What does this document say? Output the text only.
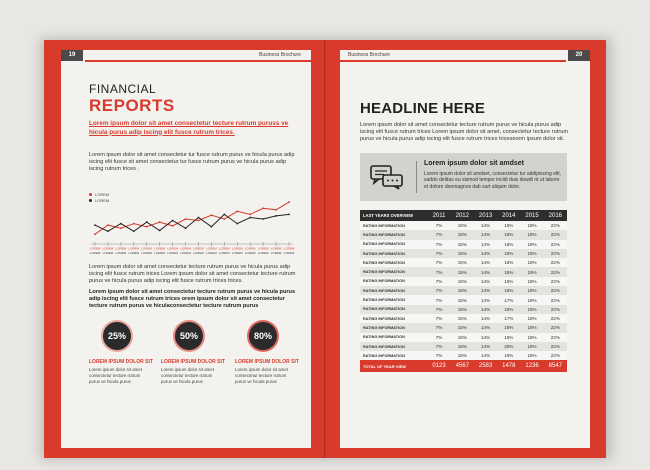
19	Business Brochure
FINANCIAL
REPORTS
Lorem ipsum dolor sit amet consectetur tecture rutrum puruss ve hicula purus adip iscing elit fusce rutrum trices.
Lorem ipsum dolor sit amet consectetur tur fusce rutrum purus ve hicula purus adip iscing elit fusce sit amet consectetur tur fusce rutrum purus ve hicula purus adip iscing rutrum trices .
LOREM
LOREM
LOREM
LOREM
LOREM
LOREM
LOREM
LOREM
LOREM
LOREM
LOREM
LOREM
LOREM
LOREM
LOREM
LOREM
LOREM
LOREM
LOREM
LOREM
LOREM
LOREM
LOREM
LOREM
LOREM
LOREM
LOREM
LOREM
LOREM
LOREM
LOREM
LOREM
LOREM
LOREM
Lorem ipsum dolor sit amet consectetur tecture rutrum purus ve hicula purus adip iscing elit fusce rutrum trices Lorem ipsum dolor sit amet consectetur tecture rutrum purus ve hicula purus adip iscing elit fusce rutrum trices trices.
Lorem ipsum dolor sit amet consectetur tecture rutrum purus ve hicula purus adip iscing elit fusce rutrum trices orem ipsum dolor sit amet consectetur tecture rutrum purus ve hiculaconsectetur tecture rutrum purus
25%	50%	80%
LOREM IPSUM DOLOR SIT LOREM IPSUM DOLOR SIT LOREM IPSUM DOLOR SIT
Lorem ipsum dolor sit amet consectetur tecture rutrum purus ve hicula purus
Lorem ipsum dolor sit amet consectetur tecture rutrum purus ve hicula purus
Lorem ipsum dolor sit amet consectetur tecture rutrum purus ve hicula purus
Business Brochure	20
HEADLINE HERE
Lorem ipsum dolor sit amet consectetur tecture rutrum purus ve hicula purus adip iscing elit fusce rutrum trices Lorem ipsum dolor sit amet, consectetur tecture rutrum purus ve hicula purus adip iscing elit fusce rutrum trices triceseorm ipsum dolor sit.
Lorem ipsum dolor sit amdset
Lorem ipsum dolor sit amdset, consectetur tur addipiscing elit, saddo deldas eu sismod tempor incidi duis dowdt nt ut labore et dolore doemagnos dab surt aliqum dolor.
LAST YEARS OVERVIEW	2011	2012	2013	2014	2015	2016
RATING INFORMATION	7%	15%	14%	16%	18%	22%
RATING INFORMATION	7%	15%	14%	16%	18%	22%
RATING INFORMATION	7%	15%	14%	18%	18%	22%
RATING INFORMATION	7%	15%	14%	16%	18%	22%
RATING INFORMATION	7%	15%	14%	16%	18%	22%
RATING INFORMATION	7%	15%	14%	15%	19%	22%
RATING INFORMATION	7%	15%	14%	16%	18%	22%
RATING INFORMATION	7%	15%	14%	16%	18%	22%
RATING INFORMATION	7%	15%	14%	17%	18%	22%
RATING INFORMATION	7%	15%	14%	16%	18%	22%
RATING INFORMATION	7%	15%	14%	17%	18%	22%
RATING INFORMATION	7%	15%	14%	16%	18%	22%
RATING INFORMATION	7%	15%	14%	16%	18%	22%
RATING INFORMATION	7%	15%	14%	20%	18%	22%
RATING INFORMATION	7%	15%	14%	16%	18%	22%
TOTAL OF YEAR VIEW	0123	4567	2583	1478	1236	8547
